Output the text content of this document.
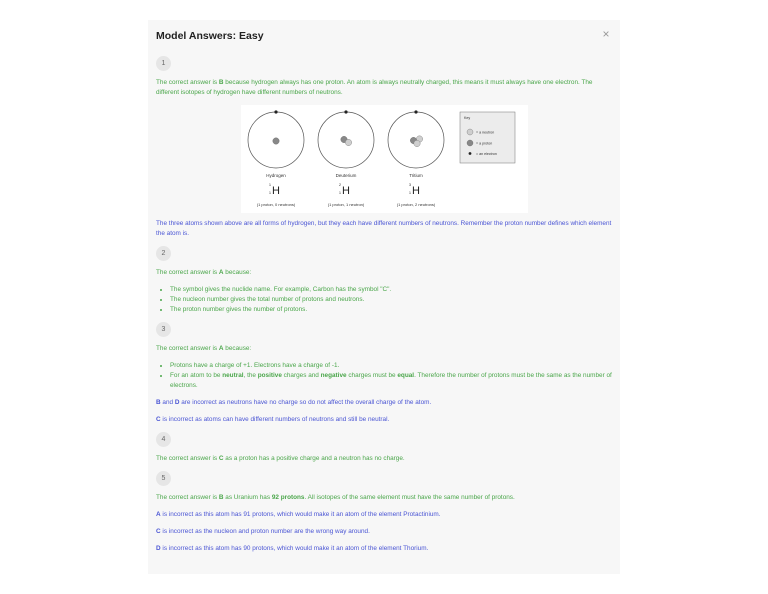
Model Answers: Easy	×
1

The correct answer is B because hydrogen always has one proton. An atom is always neutrally charged, this means it must always have one electron. The different isotopes of hydrogen have different numbers of neutrons.

Hydrogen	Deuterium	Tritium
1
1 H	2
1 H	3
1 H
(1 proton, 0 neutrons)	(1 proton, 1 neutron)	(1 proton, 2 neutrons)
Key
= a neutron
= a proton
= an electron

The three atoms shown above are all forms of hydrogen, but they each have different numbers of neutrons. Remember the proton number defines which element the atom is.

2

The correct answer is A because:

• The symbol gives the nuclide name. For example, Carbon has the symbol "C".
• The nucleon number gives the total number of protons and neutrons.
• The proton number gives the number of protons.
3

The correct answer is A because:

• Protons have a charge of +1. Electrons have a charge of -1.
• For an atom to be neutral, the positive charges and negative charges must be equal. Therefore the number of protons must be the same as the number of electrons.

B and D are incorrect as neutrons have no charge so do not affect the overall charge of the atom.

C is incorrect as atoms can have different numbers of neutrons and still be neutral.

4

The correct answer is C as a proton has a positive charge and a neutron has no charge.

5

The correct answer is B as Uranium has 92 protons. All isotopes of the same element must have the same number of protons.

A is incorrect as this atom has 91 protons, which would make it an atom of the element Protactinium.

C is incorrect as the nucleon and proton number are the wrong way around.

D is incorrect as this atom has 90 protons, which would make it an atom of the element Thorium.
